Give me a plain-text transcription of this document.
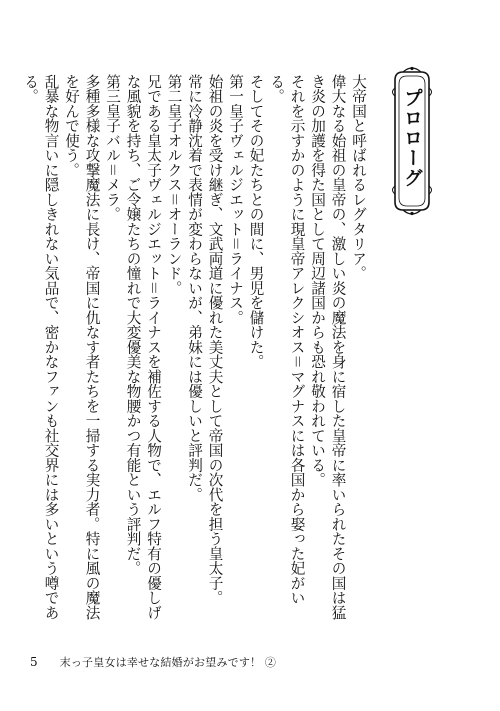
プロローグ

大帝国と呼ばれるレグタリア。

偉大なる始祖の皇帝の、激しい炎の魔法を身に宿した皇帝に率いられたその国は猛き炎の加護を得た国として周辺諸国からも恐れ敬われている。

それを示すかのように現皇帝アレクシオス＝マグナスには各国から娶った妃がいる。

そしてその妃たちとの間に、男児を儲けた。

第一皇子ヴェルジエット＝ライナス。

始祖の炎を受け継ぎ、文武両道に優れた美丈夫として帝国の次代を担う皇太子。

常に冷静沈着で表情が変わらないが、弟妹には優しいと評判だ。

第二皇子オルクス＝オーランド。

兄である皇太子ヴェルジエット＝ライナスを補佐する人物で、エルフ特有の優しげな風貌を持ち、ご令嬢たちの憧れで大変優美な物腰かつ有能という評判だ。

第三皇子バル＝メラ。

多種多様な攻撃魔法に長け、帝国に仇なす者たちを一掃する実力者。特に風の魔法を好んで使う。

乱暴な物言いに隠しきれない気品で、密かなファンも社交界には多いという噂である。

5 末っ子皇女は幸せな結婚がお望みです！ ②
